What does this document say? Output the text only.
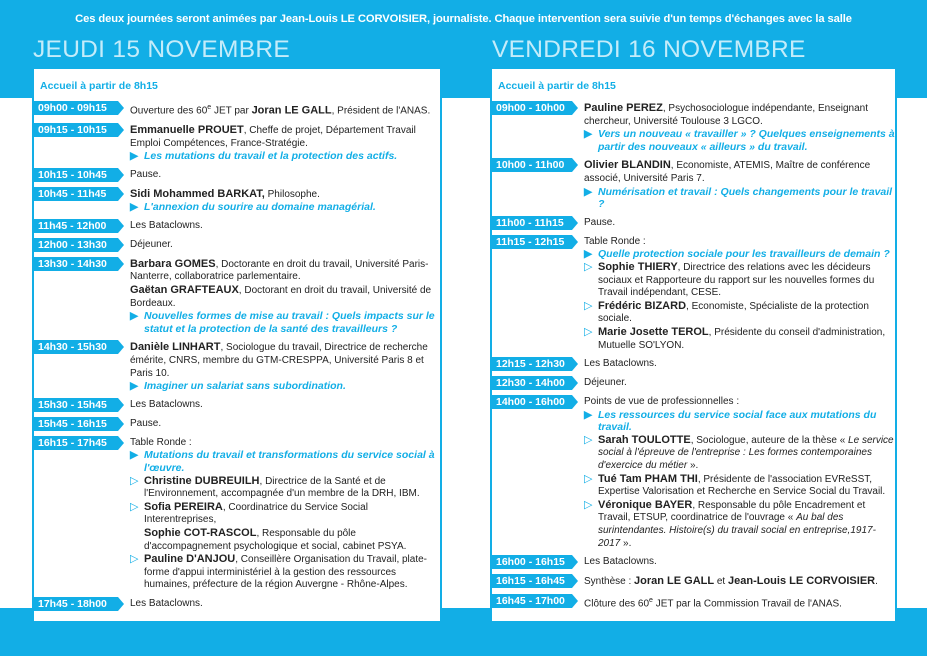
Ces deux journées seront animées par Jean-Louis LE CORVOISIER, journaliste. Chaque intervention sera suivie d'un temps d'échanges avec la salle
JEUDI 15 NOVEMBRE	VENDREDI 16 NOVEMBRE
Accueil à partir de 8h15
09h00 - 09h15	Ouverture des 60e JET par Joran LE GALL, Président de l'ANAS.
09h15 - 10h15	Emmanuelle PROUET, Cheffe de projet, Département Travail Emploi Compétences, France-Stratégie.
▶ Les mutations du travail et la protection des actifs.
10h15 - 10h45	Pause.
10h45 - 11h45	Sidi Mohammed BARKAT, Philosophe.
▶ L'annexion du sourire au domaine managérial.
11h45 - 12h00	Les Bataclowns.
12h00 - 13h30	Déjeuner.
13h30 - 14h30	Barbara GOMES, Doctorante en droit du travail, Université Paris-Nanterre, collaboratrice parlementaire.
Gaëtan GRAFTEAUX, Doctorant en droit du travail, Université de Bordeaux.
▶ Nouvelles formes de mise au travail : Quels impacts sur le statut et la protection de la santé des travailleurs ?
14h30 - 15h30	Danièle LINHART, Sociologue du travail, Directrice de recherche émérite, CNRS, membre du GTM-CRESPPA, Université Paris 8 et Paris 10.
▶ Imaginer un salariat sans subordination.
15h30 - 15h45	Les Bataclowns.
15h45 - 16h15	Pause.
16h15 - 17h45	Table Ronde :
▶ Mutations du travail et transformations du service social à l'œuvre.
▷ Christine DUBREUILH, Directrice de la Santé et de l'Environnement, accompagnée d'un membre de la DRH, IBM.
▷ Sofia PEREIRA, Coordinatrice du Service Social Interentreprises,
Sophie COT-RASCOL, Responsable du pôle d'accompagnement psychologique et social, cabinet PSYA.
▷ Pauline D'ANJOU, Conseillère Organisation du Travail, plate-forme d'appui interministériel à la gestion des ressources humaines, préfecture de la région Auvergne - Rhône-Alpes.
17h45 - 18h00	Les Bataclowns.
Accueil à partir de 8h15
09h00 - 10h00	Pauline PEREZ, Psychosociologue indépendante, Enseignant chercheur, Université Toulouse 3 LGCO.
▶ Vers un nouveau « travailler » ? Quelques enseignements à partir des nouveaux « ailleurs » du travail.
10h00 - 11h00	Olivier BLANDIN, Economiste, ATEMIS, Maître de conférence associé, Université Paris 7.
▶ Numérisation et travail : Quels changements pour le travail ?
11h00 - 11h15	Pause.
11h15 - 12h15	Table Ronde :
▶ Quelle protection sociale pour les travailleurs de demain ?
▷ Sophie THIERY, Directrice des relations avec les décideurs sociaux et Rapporteure du rapport sur les nouvelles formes du Travail indépendant, CESE.
▷ Frédéric BIZARD, Economiste, Spécialiste de la protection sociale.
▷ Marie Josette TEROL, Présidente du conseil d'administration, Mutuelle SO'LYON.
12h15 - 12h30	Les Bataclowns.
12h30 - 14h00	Déjeuner.
14h00 - 16h00	Points de vue de professionnelles :
▶ Les ressources du service social face aux mutations du travail.
▷ Sarah TOULOTTE, Sociologue, auteure de la thèse « Le service social à l'épreuve de l'entreprise : Les formes contemporaines d'exercice du métier ».
▷ Tué Tam PHAM THI, Présidente de l'association EVReSST, Expertise Valorisation et Recherche en Service Social du Travail.
▷ Véronique BAYER, Responsable du pôle Encadrement et Travail, ETSUP, coordinatrice de l'ouvrage « Au bal des surintendantes. Histoire(s) du travail social en entreprise,1917-2017 ».
16h00 - 16h15	Les Bataclowns.
16h15 - 16h45	Synthèse : Joran LE GALL et Jean-Louis LE CORVOISIER.
16h45 - 17h00	Clôture des 60e JET par la Commission Travail de l'ANAS.
